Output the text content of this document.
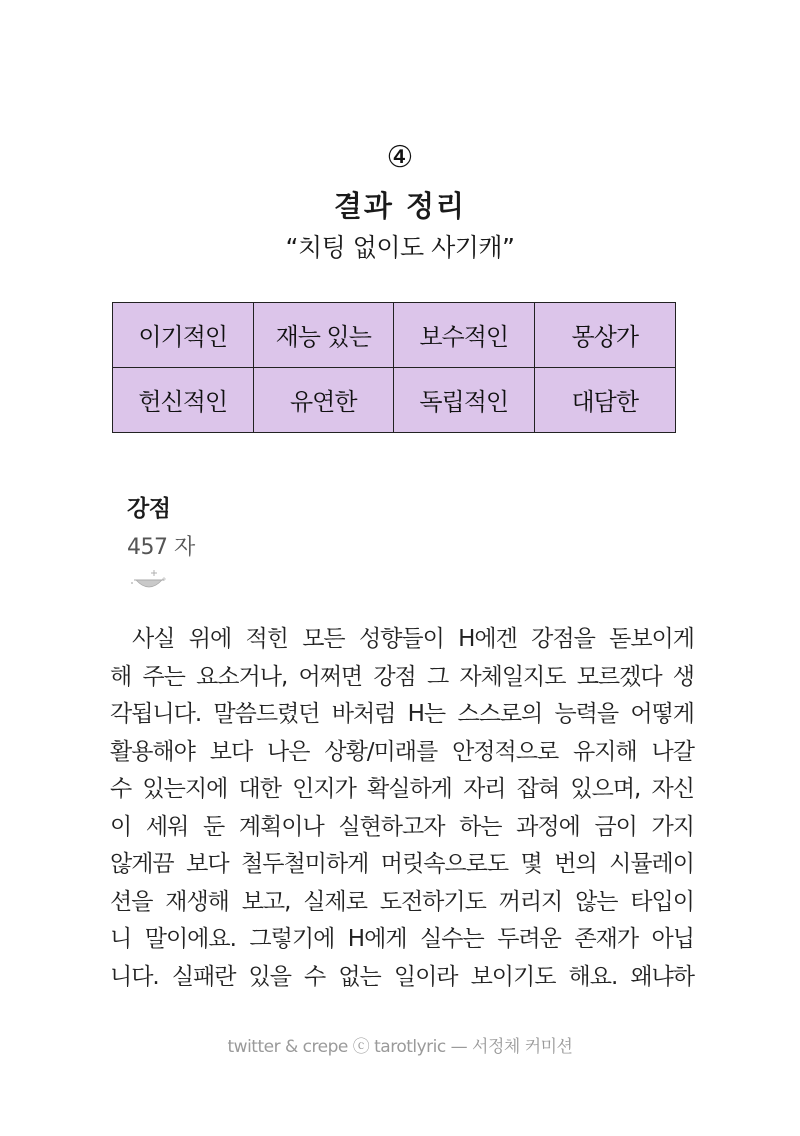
④
결과 정리
“치팅 없이도 사기캐”
이기적인	재능 있는	보수적인	몽상가
헌신적인	유연한	독립적인	대담한
강점
457 자
사실 위에 적힌 모든 성향들이 H에겐 강점을 돋보이게
해 주는 요소거나, 어쩌면 강점 그 자체일지도 모르겠다 생
각됩니다. 말씀드렸던 바처럼 H는 스스로의 능력을 어떻게
활용해야 보다 나은 상황/미래를 안정적으로 유지해 나갈
수 있는지에 대한 인지가 확실하게 자리 잡혀 있으며, 자신
이 세워 둔 계획이나 실현하고자 하는 과정에 금이 가지
않게끔 보다 철두철미하게 머릿속으로도 몇 번의 시뮬레이
션을 재생해 보고, 실제로 도전하기도 꺼리지 않는 타입이
니 말이에요. 그렇기에 H에게 실수는 두려운 존재가 아닙
니다. 실패란 있을 수 없는 일이라 보이기도 해요. 왜냐하
twitter & crepe ⓒ tarotlyric — 서정체 커미션
